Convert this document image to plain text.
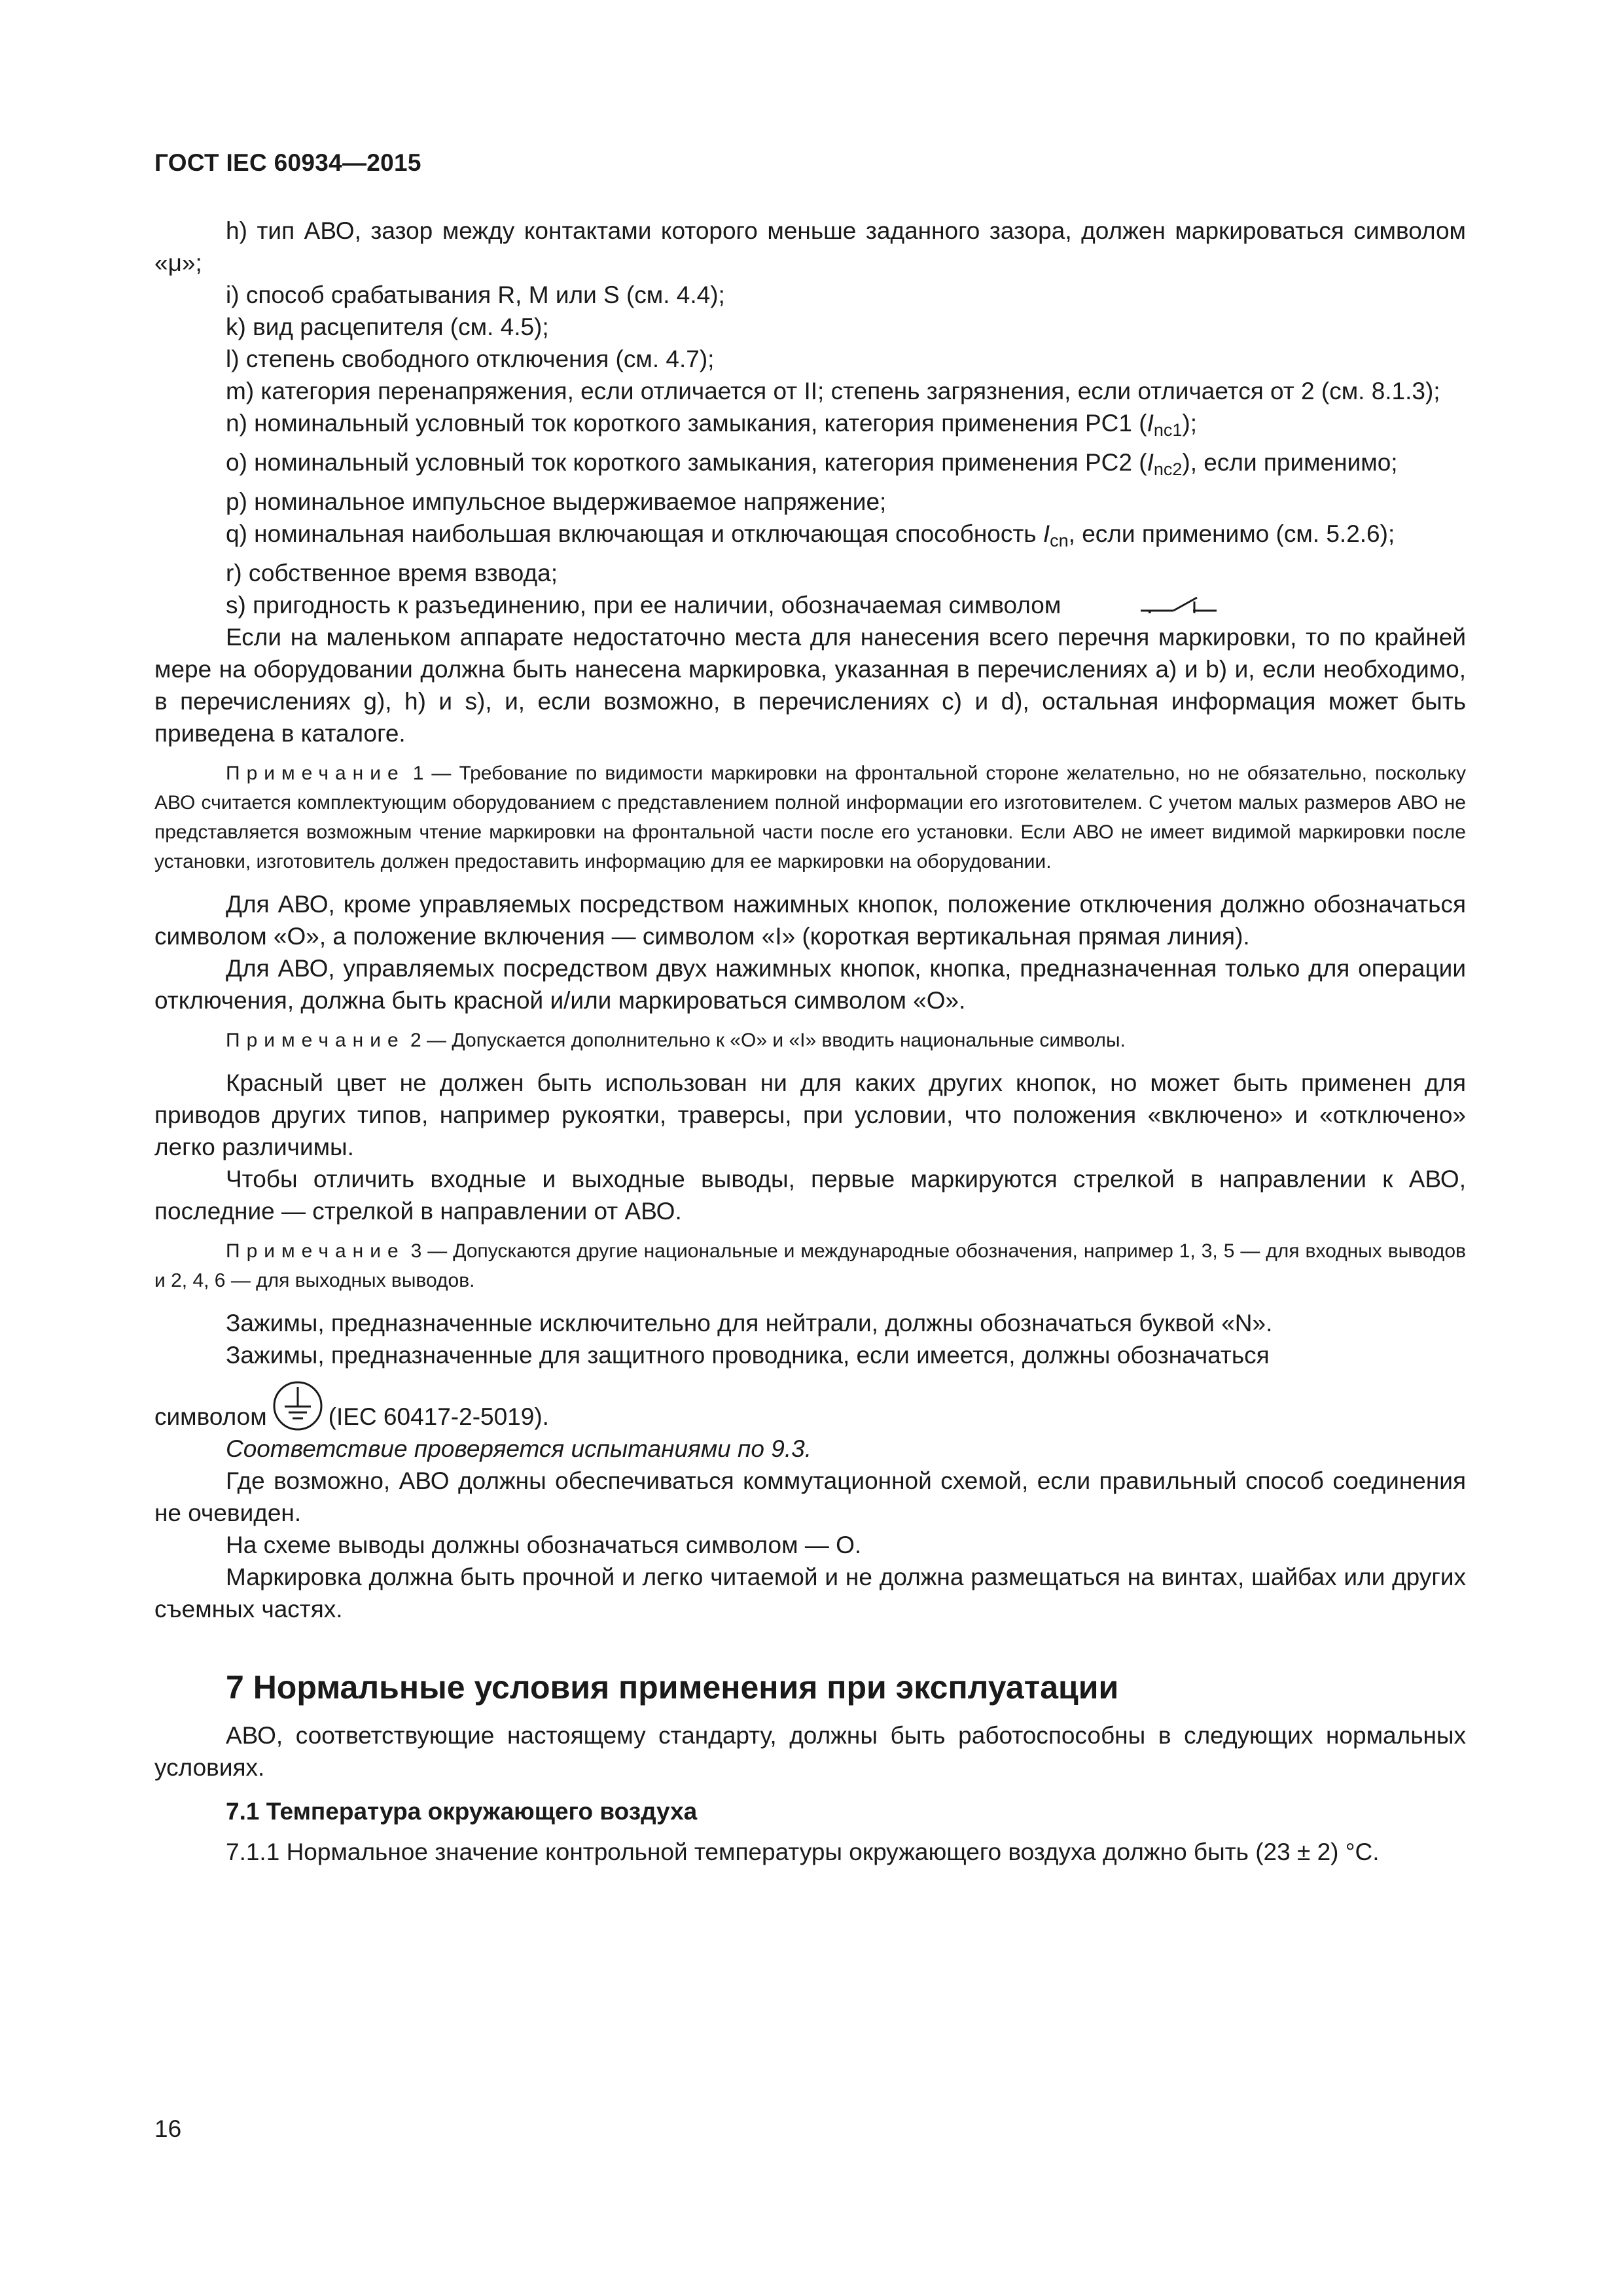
ГОСТ IEC 60934—2015

h) тип АВО, зазор между контактами которого меньше заданного зазора, должен маркироваться символом «μ»;

i) способ срабатывания R, M или S (см. 4.4);

k) вид расцепителя (см. 4.5);

l) степень свободного отключения (см. 4.7);

m) категория перенапряжения, если отличается от II; степень загрязнения, если отличается от 2 (см. 8.1.3);

n) номинальный условный ток короткого замыкания, категория применения PC1 $(I_{nc1})$;

o) номинальный условный ток короткого замыкания, категория применения PC2 $(I_{nc2})$, если применимо;

p) номинальное импульсное выдерживаемое напряжение;

q) номинальная наибольшая включающая и отключающая способность $I_{cn}$, если применимо (см. 5.2.6);

r) собственное время взвода;

s) пригодность к разъединению, при ее наличии, обозначаемая символом	.

Если на маленьком аппарате недостаточно места для нанесения всего перечня маркировки, то по крайней мере на оборудовании должна быть нанесена маркировка, указанная в перечислениях a) и b) и, если необходимо, в перечислениях g), h) и s), и, если возможно, в перечислениях c) и d), остальная информация может быть приведена в каталоге.

Примечание 1 — Требование по видимости маркировки на фронтальной стороне желательно, но не обязательно, поскольку АВО считается комплектующим оборудованием с представлением полной информации его изготовителем. С учетом малых размеров АВО не представляется возможным чтение маркировки на фронтальной части после его установки. Если АВО не имеет видимой маркировки после установки, изготовитель должен предоставить информацию для ее маркировки на оборудовании.

Для АВО, кроме управляемых посредством нажимных кнопок, положение отключения должно обозначаться символом «O», а положение включения — символом «I» (короткая вертикальная прямая линия).

Для АВО, управляемых посредством двух нажимных кнопок, кнопка, предназначенная только для операции отключения, должна быть красной и/или маркироваться символом «O».

Примечание 2 — Допускается дополнительно к «O» и «I» вводить национальные символы.

Красный цвет не должен быть использован ни для каких других кнопок, но может быть применен для приводов других типов, например рукоятки, траверсы, при условии, что положения «включено» и «отключено» легко различимы.

Чтобы отличить входные и выходные выводы, первые маркируются стрелкой в направлении к АВО, последние — стрелкой в направлении от АВО.

Примечание 3 — Допускаются другие национальные и международные обозначения, например 1, 3, 5 — для входных выводов и 2, 4, 6 — для выходных выводов.

Зажимы, предназначенные исключительно для нейтрали, должны обозначаться буквой «N».

Зажимы, предназначенные для защитного проводника, если имеется, должны обозначаться

символом	(IEC 60417-2-5019).

Соответствие проверяется испытаниями по 9.3.

Где возможно, АВО должны обеспечиваться коммутационной схемой, если правильный способ соединения не очевиден.

На схеме выводы должны обозначаться символом — O.

Маркировка должна быть прочной и легко читаемой и не должна размещаться на винтах, шайбах или других съемных частях.

7 Нормальные условия применения при эксплуатации

АВО, соответствующие настоящему стандарту, должны быть работоспособны в следующих нормальных условиях.

7.1 Температура окружающего воздуха

7.1.1 Нормальное значение контрольной температуры окружающего воздуха должно быть (23 ± 2) °C.

16
